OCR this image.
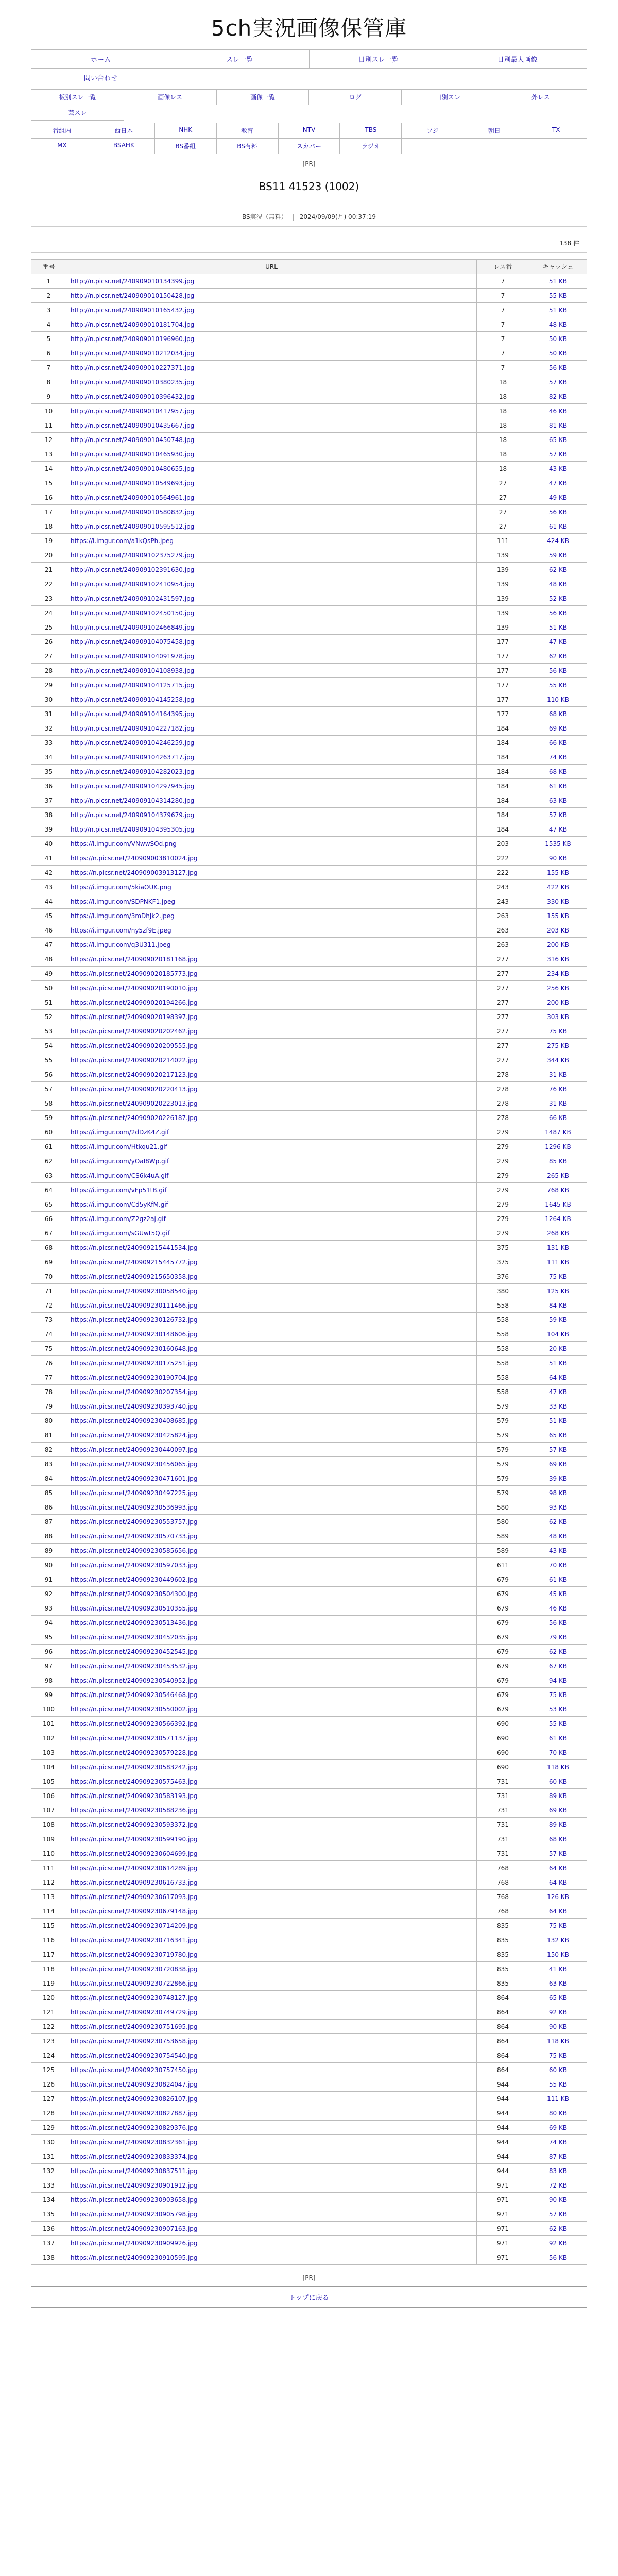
5ch実況画像保管庫
ホーム	スレ一覧	日別スレ一覧	日別最大画像
問い合わせ
板別スレ一覧	画像レス	画像一覧	ログ	日別スレ	外レス
芸スレ
番組内	西日本	NHK	教育	NTV	TBS	フジ	朝日	TX
MX	BSAHK	BS番組	BS有料	スカパー	ラジオ
[PR]
BS11 41523 (1002)
BS実況（無料） | 2024/09/09(月) 00:37:19
138 件
番号	URL	レス番	キャッシュ
1	http://n.picsr.net/240909010134399.jpg	7	51 KB
2	http://n.picsr.net/240909010150428.jpg	7	55 KB
3	http://n.picsr.net/240909010165432.jpg	7	51 KB
4	http://n.picsr.net/240909010181704.jpg	7	48 KB
5	http://n.picsr.net/240909010196960.jpg	7	50 KB
6	http://n.picsr.net/240909010212034.jpg	7	50 KB
7	http://n.picsr.net/240909010227371.jpg	7	56 KB
8	http://n.picsr.net/240909010380235.jpg	18	57 KB
9	http://n.picsr.net/240909010396432.jpg	18	82 KB
10	http://n.picsr.net/240909010417957.jpg	18	46 KB
11	http://n.picsr.net/240909010435667.jpg	18	81 KB
12	http://n.picsr.net/240909010450748.jpg	18	65 KB
13	http://n.picsr.net/240909010465930.jpg	18	57 KB
14	http://n.picsr.net/240909010480655.jpg	18	43 KB
15	http://n.picsr.net/240909010549693.jpg	27	47 KB
16	http://n.picsr.net/240909010564961.jpg	27	49 KB
17	http://n.picsr.net/240909010580832.jpg	27	56 KB
18	http://n.picsr.net/240909010595512.jpg	27	61 KB
19	https://i.imgur.com/a1kQsPh.jpeg	111	424 KB
20	http://n.picsr.net/240909102375279.jpg	139	59 KB
21	http://n.picsr.net/240909102391630.jpg	139	62 KB
22	http://n.picsr.net/240909102410954.jpg	139	48 KB
23	http://n.picsr.net/240909102431597.jpg	139	52 KB
24	http://n.picsr.net/240909102450150.jpg	139	56 KB
25	http://n.picsr.net/240909102466849.jpg	139	51 KB
26	http://n.picsr.net/240909104075458.jpg	177	47 KB
27	http://n.picsr.net/240909104091978.jpg	177	62 KB
28	http://n.picsr.net/240909104108938.jpg	177	56 KB
29	http://n.picsr.net/240909104125715.jpg	177	55 KB
30	http://n.picsr.net/240909104145258.jpg	177	110 KB
31	http://n.picsr.net/240909104164395.jpg	177	68 KB
32	http://n.picsr.net/240909104227182.jpg	184	69 KB
33	http://n.picsr.net/240909104246259.jpg	184	66 KB
34	http://n.picsr.net/240909104263717.jpg	184	74 KB
35	http://n.picsr.net/240909104282023.jpg	184	68 KB
36	http://n.picsr.net/240909104297945.jpg	184	61 KB
37	http://n.picsr.net/240909104314280.jpg	184	63 KB
38	http://n.picsr.net/240909104379679.jpg	184	57 KB
39	http://n.picsr.net/240909104395305.jpg	184	47 KB
40	https://i.imgur.com/VNwwSOd.png	203	1535 KB
41	https://n.picsr.net/240909003810024.jpg	222	90 KB
42	https://n.picsr.net/240909003913127.jpg	222	155 KB
43	https://i.imgur.com/5kiaOUK.png	243	422 KB
44	https://i.imgur.com/SDPNKF1.jpeg	243	330 KB
45	https://i.imgur.com/3mDhJk2.jpeg	263	155 KB
46	https://i.imgur.com/ny5zf9E.jpeg	263	203 KB
47	https://i.imgur.com/q3U311.jpeg	263	200 KB
48	https://n.picsr.net/240909020181168.jpg	277	316 KB
49	https://n.picsr.net/240909020185773.jpg	277	234 KB
50	https://n.picsr.net/240909020190010.jpg	277	256 KB
51	https://n.picsr.net/240909020194266.jpg	277	200 KB
52	https://n.picsr.net/240909020198397.jpg	277	303 KB
53	https://n.picsr.net/240909020202462.jpg	277	75 KB
54	https://n.picsr.net/240909020209555.jpg	277	275 KB
55	https://n.picsr.net/240909020214022.jpg	277	344 KB
56	https://n.picsr.net/240909020217123.jpg	278	31 KB
57	https://n.picsr.net/240909020220413.jpg	278	76 KB
58	https://n.picsr.net/240909020223013.jpg	278	31 KB
59	https://n.picsr.net/240909020226187.jpg	278	66 KB
60	https://i.imgur.com/2dDzK4Z.gif	279	1487 KB
61	https://i.imgur.com/Htkqu21.gif	279	1296 KB
62	https://i.imgur.com/yOaI8Wp.gif	279	85 KB
63	https://i.imgur.com/CS6k4uA.gif	279	265 KB
64	https://i.imgur.com/vFp51tB.gif	279	768 KB
65	https://i.imgur.com/Cd5yKfM.gif	279	1645 KB
66	https://i.imgur.com/Z2gz2aj.gif	279	1264 KB
67	https://i.imgur.com/sGUwt5Q.gif	279	268 KB
68	https://n.picsr.net/240909215441534.jpg	375	131 KB
69	https://n.picsr.net/240909215445772.jpg	375	111 KB
70	https://n.picsr.net/240909215650358.jpg	376	75 KB
71	https://n.picsr.net/240909230058540.jpg	380	125 KB
72	https://n.picsr.net/240909230111466.jpg	558	84 KB
73	https://n.picsr.net/240909230126732.jpg	558	59 KB
74	https://n.picsr.net/240909230148606.jpg	558	104 KB
75	https://n.picsr.net/240909230160648.jpg	558	20 KB
76	https://n.picsr.net/240909230175251.jpg	558	51 KB
77	https://n.picsr.net/240909230190704.jpg	558	64 KB
78	https://n.picsr.net/240909230207354.jpg	558	47 KB
79	https://n.picsr.net/240909230393740.jpg	579	33 KB
80	https://n.picsr.net/240909230408685.jpg	579	51 KB
81	https://n.picsr.net/240909230425824.jpg	579	65 KB
82	https://n.picsr.net/240909230440097.jpg	579	57 KB
83	https://n.picsr.net/240909230456065.jpg	579	69 KB
84	https://n.picsr.net/240909230471601.jpg	579	39 KB
85	https://n.picsr.net/240909230497225.jpg	579	98 KB
86	https://n.picsr.net/240909230536993.jpg	580	93 KB
87	https://n.picsr.net/240909230553757.jpg	580	62 KB
88	https://n.picsr.net/240909230570733.jpg	589	48 KB
89	https://n.picsr.net/240909230585656.jpg	589	43 KB
90	https://n.picsr.net/240909230597033.jpg	611	70 KB
91	https://n.picsr.net/240909230449602.jpg	679	61 KB
92	https://n.picsr.net/240909230504300.jpg	679	45 KB
93	https://n.picsr.net/240909230510355.jpg	679	46 KB
94	https://n.picsr.net/240909230513436.jpg	679	56 KB
95	https://n.picsr.net/240909230452035.jpg	679	79 KB
96	https://n.picsr.net/240909230452545.jpg	679	62 KB
97	https://n.picsr.net/240909230453532.jpg	679	67 KB
98	https://n.picsr.net/240909230540952.jpg	679	94 KB
99	https://n.picsr.net/240909230546468.jpg	679	75 KB
100	https://n.picsr.net/240909230550002.jpg	679	53 KB
101	https://n.picsr.net/240909230566392.jpg	690	55 KB
102	https://n.picsr.net/240909230571137.jpg	690	61 KB
103	https://n.picsr.net/240909230579228.jpg	690	70 KB
104	https://n.picsr.net/240909230583242.jpg	690	118 KB
105	https://n.picsr.net/240909230575463.jpg	731	60 KB
106	https://n.picsr.net/240909230583193.jpg	731	89 KB
107	https://n.picsr.net/240909230588236.jpg	731	69 KB
108	https://n.picsr.net/240909230593372.jpg	731	89 KB
109	https://n.picsr.net/240909230599190.jpg	731	68 KB
110	https://n.picsr.net/240909230604699.jpg	731	57 KB
111	https://n.picsr.net/240909230614289.jpg	768	64 KB
112	https://n.picsr.net/240909230616733.jpg	768	64 KB
113	https://n.picsr.net/240909230617093.jpg	768	126 KB
114	https://n.picsr.net/240909230679148.jpg	768	64 KB
115	https://n.picsr.net/240909230714209.jpg	835	75 KB
116	https://n.picsr.net/240909230716341.jpg	835	132 KB
117	https://n.picsr.net/240909230719780.jpg	835	150 KB
118	https://n.picsr.net/240909230720838.jpg	835	41 KB
119	https://n.picsr.net/240909230722866.jpg	835	63 KB
120	https://n.picsr.net/240909230748127.jpg	864	65 KB
121	https://n.picsr.net/240909230749729.jpg	864	92 KB
122	https://n.picsr.net/240909230751695.jpg	864	90 KB
123	https://n.picsr.net/240909230753658.jpg	864	118 KB
124	https://n.picsr.net/240909230754540.jpg	864	75 KB
125	https://n.picsr.net/240909230757450.jpg	864	60 KB
126	https://n.picsr.net/240909230824047.jpg	944	55 KB
127	https://n.picsr.net/240909230826107.jpg	944	111 KB
128	https://n.picsr.net/240909230827887.jpg	944	80 KB
129	https://n.picsr.net/240909230829376.jpg	944	69 KB
130	https://n.picsr.net/240909230832361.jpg	944	74 KB
131	https://n.picsr.net/240909230833374.jpg	944	87 KB
132	https://n.picsr.net/240909230837511.jpg	944	83 KB
133	https://n.picsr.net/240909230901912.jpg	971	72 KB
134	https://n.picsr.net/240909230903658.jpg	971	90 KB
135	https://n.picsr.net/240909230905798.jpg	971	57 KB
136	https://n.picsr.net/240909230907163.jpg	971	62 KB
137	https://n.picsr.net/240909230909926.jpg	971	92 KB
138	https://n.picsr.net/240909230910595.jpg	971	56 KB
[PR]
トップに戻る
